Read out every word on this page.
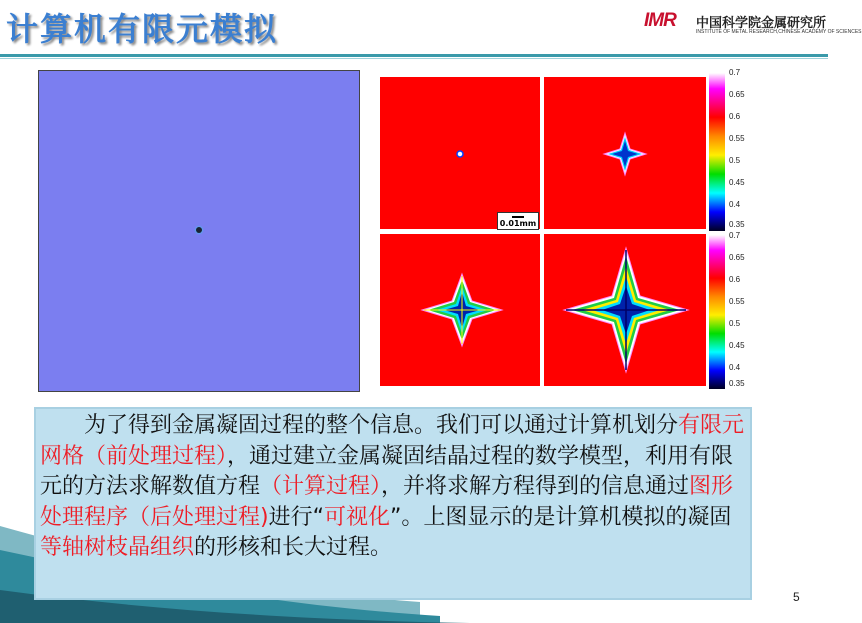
计算机有限元模拟	IMR 中国科学院金属研究所
INSTITUTE OF METAL RESEARCH,CHINESE ACADEMY OF SCIENCES
0.01mm
0.7
0.65
0.6
0.55
0.5
0.45
0.4
0.35
0.7
0.65
0.6
0.55
0.5
0.45
0.4
0.35
　　为了得到金属凝固过程的整个信息。我们可以通过计算机划分有限元网格（前处理过程），通过建立金属凝固结晶过程的数学模型，利用有限元的方法求解数值方程（计算过程），并将求解方程得到的信息通过图形处理程序（后处理过程)进行“可视化”。上图显示的是计算机模拟的凝固等轴树枝晶组织的形核和长大过程。
5
